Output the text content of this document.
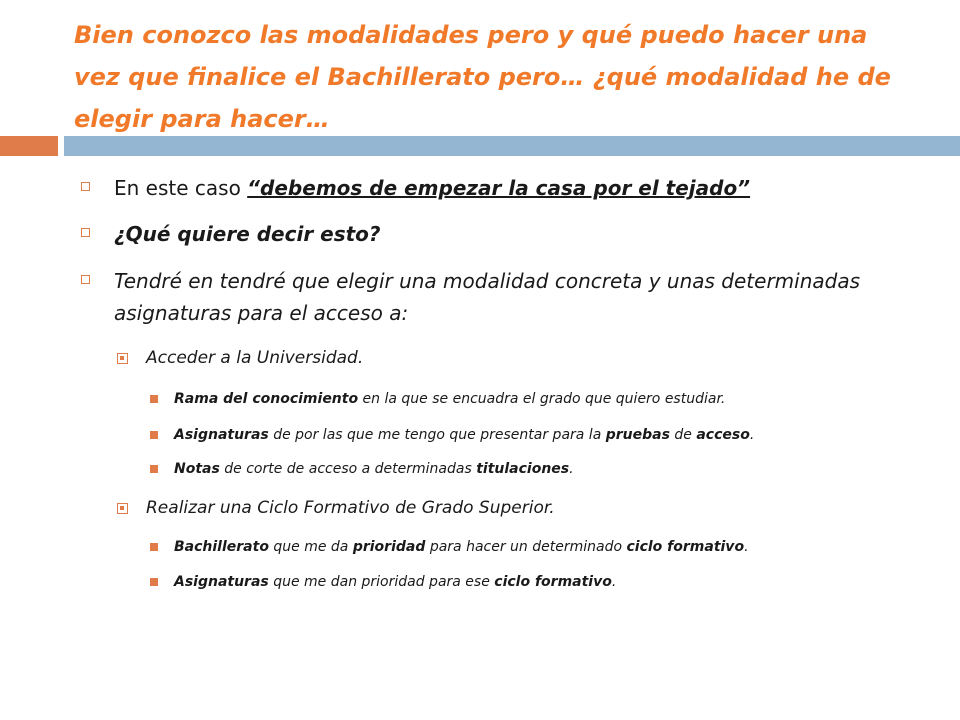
Bien conozco las modalidades pero y qué puedo hacer una vez que finalice el Bachillerato pero… ¿qué modalidad he de elegir para hacer…

En este caso “debemos de empezar la casa por el tejado”

¿Qué quiere decir esto?

Tendré en tendré que elegir una modalidad concreta y unas determinadas asignaturas para el acceso a:

Acceder a la Universidad.

Rama del conocimiento en la que se encuadra el grado que quiero estudiar.

Asignaturas de por las que me tengo que presentar para la pruebas de acceso.

Notas de corte de acceso a determinadas titulaciones.

Realizar una Ciclo Formativo de Grado Superior.

Bachillerato que me da prioridad para hacer un determinado ciclo formativo.

Asignaturas que me dan prioridad para ese ciclo formativo.
